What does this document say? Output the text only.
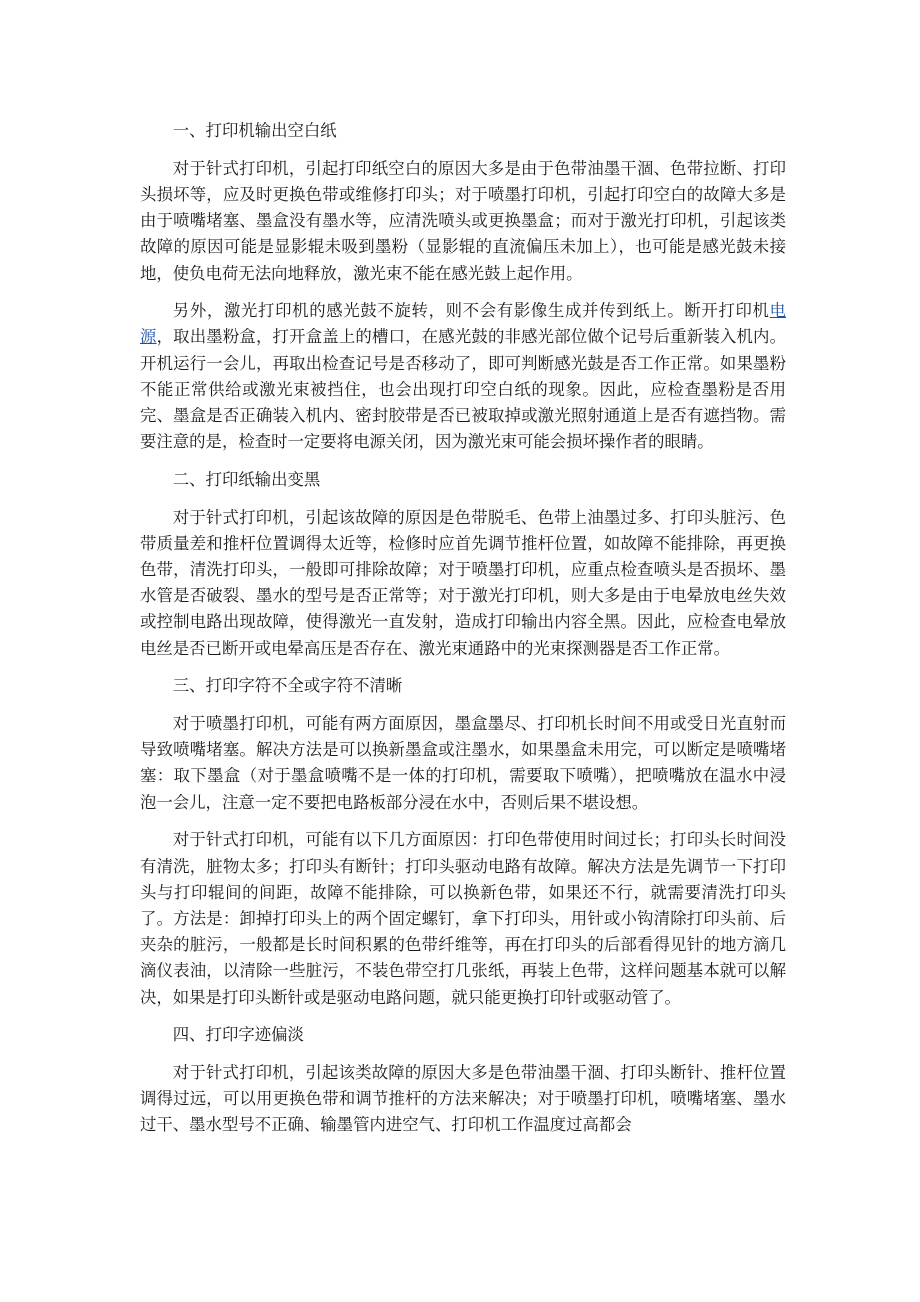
一、打印机输出空白纸

对于针式打印机，引起打印纸空白的原因大多是由于色带油墨干涸、色带拉断、打印头损坏等，应及时更换色带或维修打印头；对于喷墨打印机，引起打印空白的故障大多是由于喷嘴堵塞、墨盒没有墨水等，应清洗喷头或更换墨盒；而对于激光打印机，引起该类故障的原因可能是显影辊未吸到墨粉（显影辊的直流偏压未加上），也可能是感光鼓未接地，使负电荷无法向地释放，激光束不能在感光鼓上起作用。

另外，激光打印机的感光鼓不旋转，则不会有影像生成并传到纸上。断开打印机电源，取出墨粉盒，打开盒盖上的槽口，在感光鼓的非感光部位做个记号后重新装入机内。开机运行一会儿，再取出检查记号是否移动了，即可判断感光鼓是否工作正常。如果墨粉不能正常供给或激光束被挡住，也会出现打印空白纸的现象。因此，应检查墨粉是否用完、墨盒是否正确装入机内、密封胶带是否已被取掉或激光照射通道上是否有遮挡物。需要注意的是，检查时一定要将电源关闭，因为激光束可能会损坏操作者的眼睛。

二、打印纸输出变黑

对于针式打印机，引起该故障的原因是色带脱毛、色带上油墨过多、打印头脏污、色带质量差和推杆位置调得太近等，检修时应首先调节推杆位置，如故障不能排除，再更换色带，清洗打印头，一般即可排除故障；对于喷墨打印机，应重点检查喷头是否损坏、墨水管是否破裂、墨水的型号是否正常等；对于激光打印机，则大多是由于电晕放电丝失效或控制电路出现故障，使得激光一直发射，造成打印输出内容全黑。因此，应检查电晕放电丝是否已断开或电晕高压是否存在、激光束通路中的光束探测器是否工作正常。

三、打印字符不全或字符不清晰

对于喷墨打印机，可能有两方面原因，墨盒墨尽、打印机长时间不用或受日光直射而导致喷嘴堵塞。解决方法是可以换新墨盒或注墨水，如果墨盒未用完，可以断定是喷嘴堵塞：取下墨盒（对于墨盒喷嘴不是一体的打印机，需要取下喷嘴），把喷嘴放在温水中浸泡一会儿，注意一定不要把电路板部分浸在水中，否则后果不堪设想。

对于针式打印机，可能有以下几方面原因：打印色带使用时间过长；打印头长时间没有清洗，脏物太多；打印头有断针；打印头驱动电路有故障。解决方法是先调节一下打印头与打印辊间的间距，故障不能排除，可以换新色带，如果还不行，就需要清洗打印头了。方法是：卸掉打印头上的两个固定螺钉，拿下打印头，用针或小钩清除打印头前、后夹杂的脏污，一般都是长时间积累的色带纤维等，再在打印头的后部看得见针的地方滴几滴仪表油，以清除一些脏污，不装色带空打几张纸，再装上色带，这样问题基本就可以解决，如果是打印头断针或是驱动电路问题，就只能更换打印针或驱动管了。

四、打印字迹偏淡

对于针式打印机，引起该类故障的原因大多是色带油墨干涸、打印头断针、推杆位置调得过远，可以用更换色带和调节推杆的方法来解决；对于喷墨打印机，喷嘴堵塞、墨水过干、墨水型号不正确、输墨管内进空气、打印机工作温度过高都会
